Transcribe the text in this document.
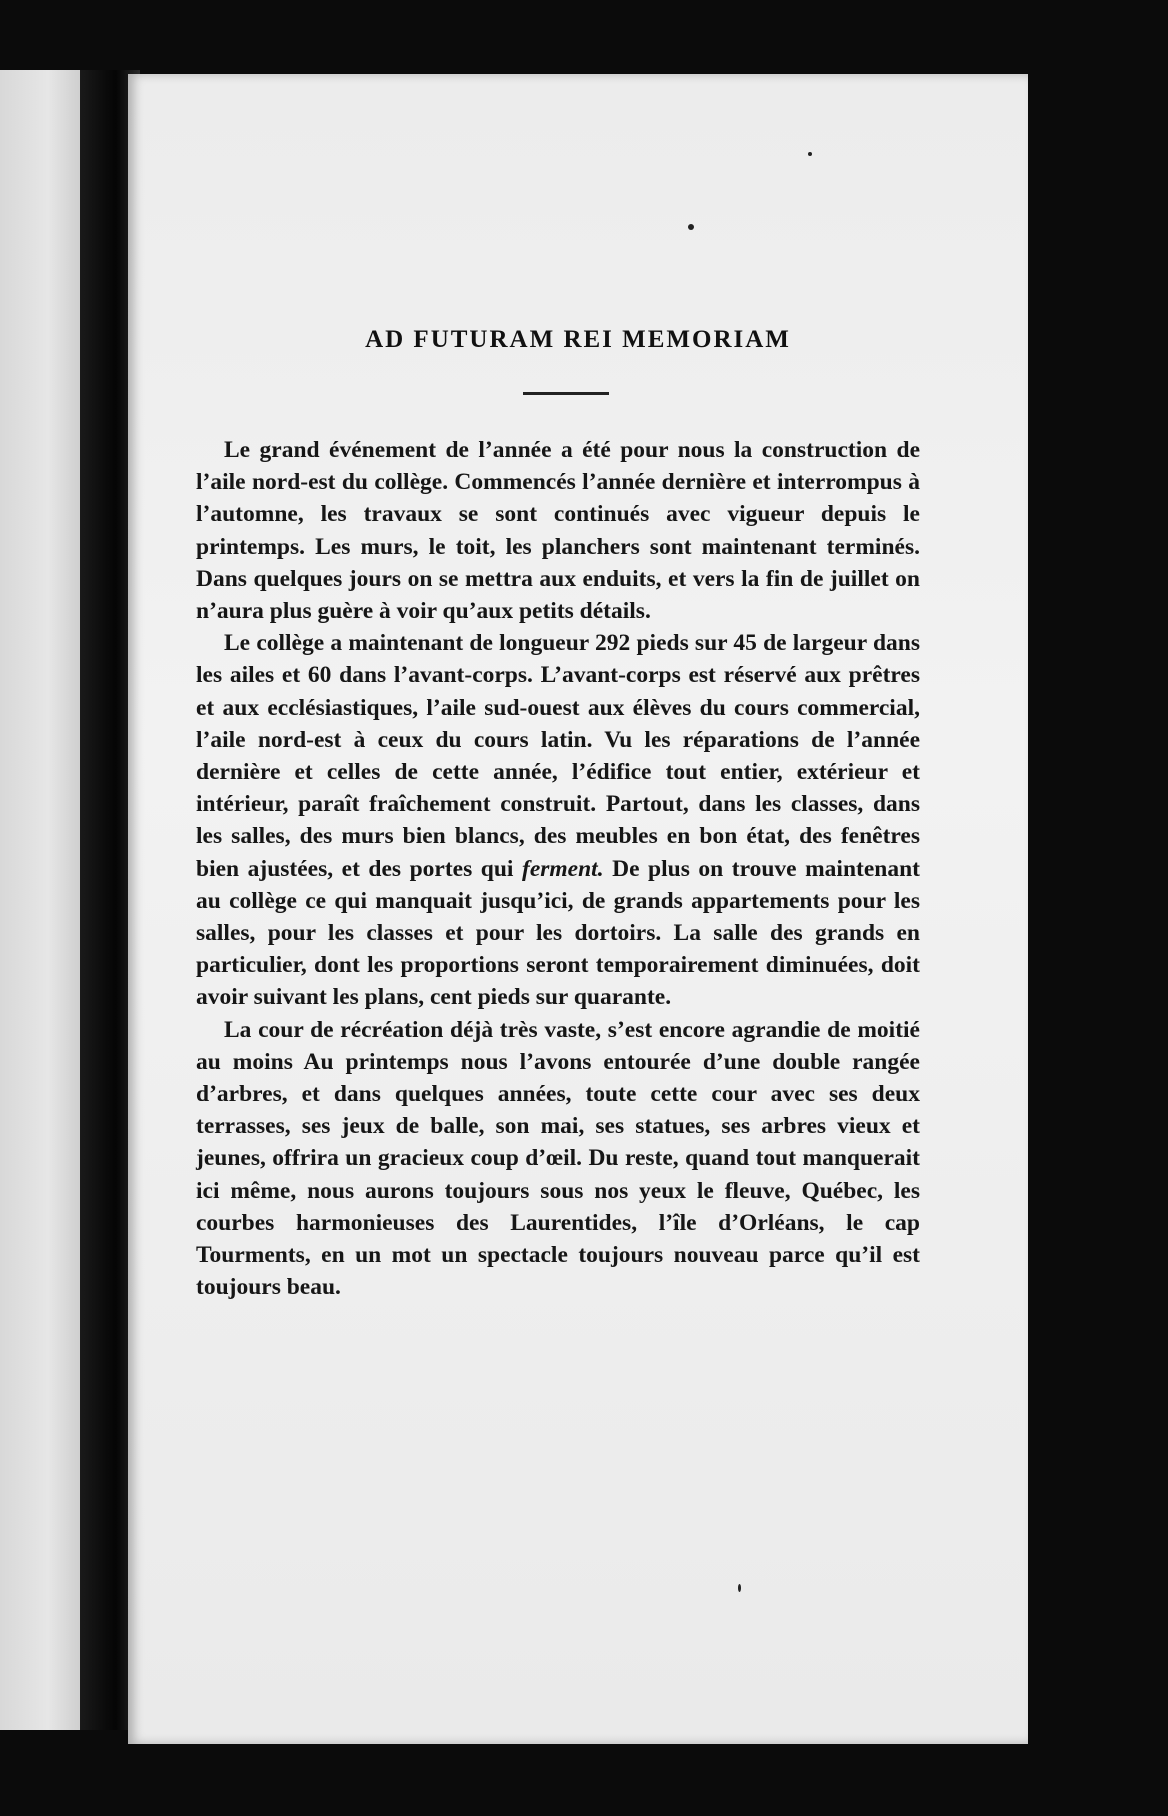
AD FUTURAM REI MEMORIAM

Le grand événement de l’année a été pour nous la construction de l’aile nord-est du collège. Commencés l’année dernière et interrompus à l’automne, les travaux se sont continués avec vigueur depuis le printemps. Les murs, le toit, les planchers sont maintenant terminés. Dans quelques jours on se mettra aux enduits, et vers la fin de juillet on n’aura plus guère à voir qu’aux petits détails.

Le collège a maintenant de longueur 292 pieds sur 45 de largeur dans les ailes et 60 dans l’avant-corps. L’avant-corps est réservé aux prêtres et aux ecclésiastiques, l’aile sud-ouest aux élèves du cours commercial, l’aile nord-est à ceux du cours latin. Vu les réparations de l’année dernière et celles de cette année, l’édifice tout entier, extérieur et intérieur, paraît fraîchement construit. Partout, dans les classes, dans les salles, des murs bien blancs, des meubles en bon état, des fenêtres bien ajustées, et des portes qui ferment. De plus on trouve maintenant au collège ce qui manquait jusqu’ici, de grands appartements pour les salles, pour les classes et pour les dortoirs. La salle des grands en particulier, dont les proportions seront temporairement diminuées, doit avoir suivant les plans, cent pieds sur quarante.

La cour de récréation déjà très vaste, s’est encore agrandie de moitié au moins Au printemps nous l’avons entourée d’une double rangée d’arbres, et dans quelques années, toute cette cour avec ses deux terrasses, ses jeux de balle, son mai, ses statues, ses arbres vieux et jeunes, offrira un gracieux coup d’œil. Du reste, quand tout manquerait ici même, nous aurons toujours sous nos yeux le fleuve, Québec, les courbes harmonieuses des Laurentides, l’île d’Orléans, le cap Tourments, en un mot un spectacle toujours nouveau parce qu’il est toujours beau.
